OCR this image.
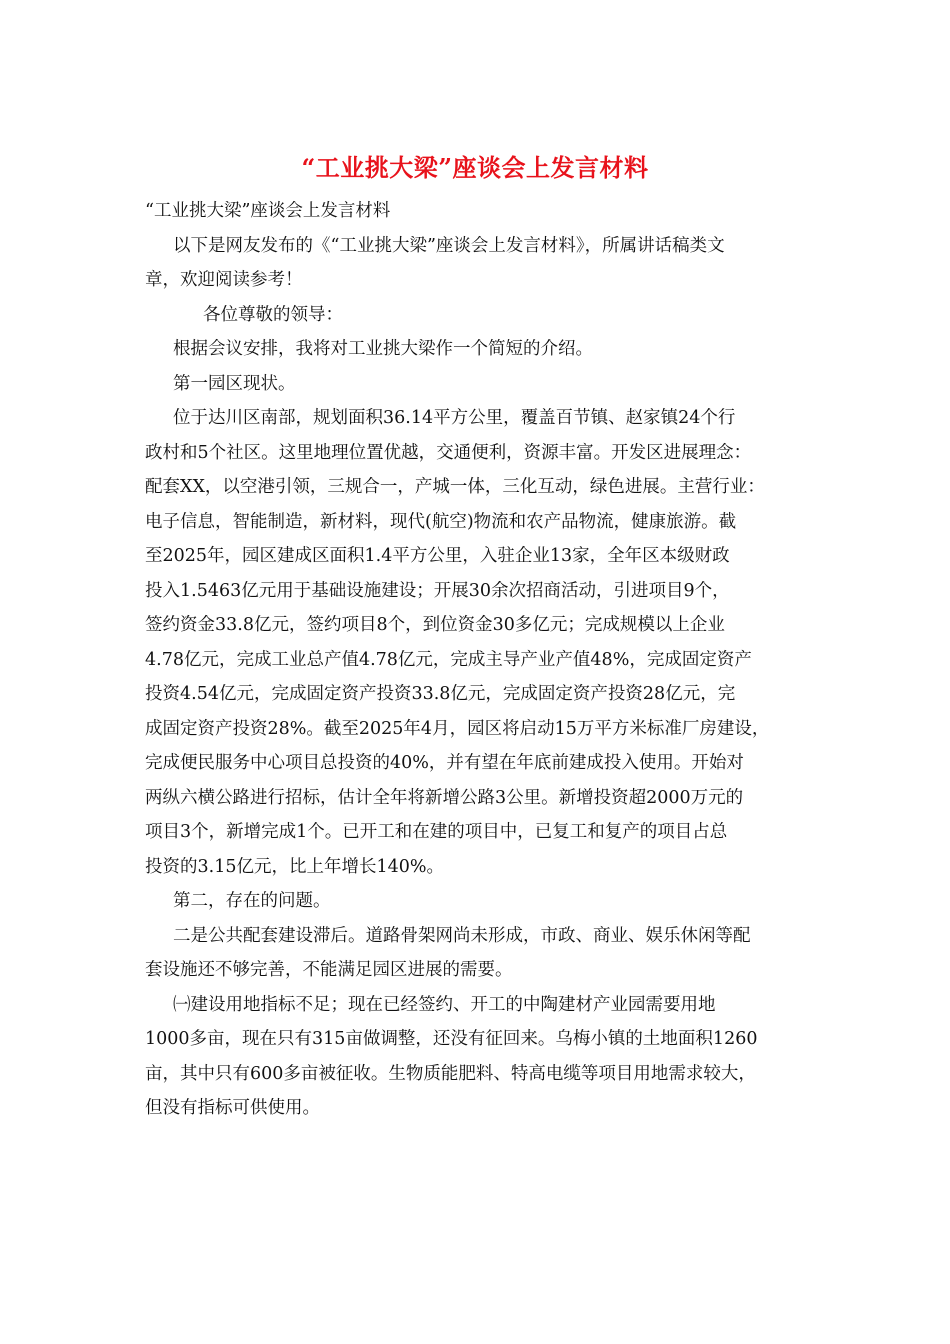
“工业挑大梁”座谈会上发言材料

“工业挑大梁”座谈会上发言材料

以下是网友发布的《“工业挑大梁”座谈会上发言材料》，所属讲话稿类文

章，欢迎阅读参考！

各位尊敬的领导：

根据会议安排，我将对工业挑大梁作一个简短的介绍。

第一园区现状。

位于达川区南部，规划面积36.14平方公里，覆盖百节镇、赵家镇24个行

政村和5个社区。这里地理位置优越，交通便利，资源丰富。开发区进展理念：

配套XX，以空港引领，三规合一，产城一体，三化互动，绿色进展。主营行业：

电子信息，智能制造，新材料，现代(航空)物流和农产品物流，健康旅游。截

至2025年，园区建成区面积1.4平方公里，入驻企业13家，全年区本级财政

投入1.5463亿元用于基础设施建设；开展30余次招商活动，引进项目9个，

签约资金33.8亿元，签约项目8个，到位资金30多亿元；完成规模以上企业

4.78亿元，完成工业总产值4.78亿元，完成主导产业产值48%，完成固定资产

投资4.54亿元，完成固定资产投资33.8亿元，完成固定资产投资28亿元，完

成固定资产投资28%。截至2025年4月，园区将启动15万平方米标准厂房建设，

完成便民服务中心项目总投资的40%，并有望在年底前建成投入使用。开始对

两纵六横公路进行招标，估计全年将新增公路3公里。新增投资超2000万元的

项目3个，新增完成1个。已开工和在建的项目中，已复工和复产的项目占总

投资的3.15亿元，比上年增长140%。

第二，存在的问题。

二是公共配套建设滞后。道路骨架网尚未形成，市政、商业、娱乐休闲等配

套设施还不够完善，不能满足园区进展的需要。

㈠建设用地指标不足；现在已经签约、开工的中陶建材产业园需要用地

1000多亩，现在只有315亩做调整，还没有征回来。乌梅小镇的土地面积1260

亩，其中只有600多亩被征收。生物质能肥料、特高电缆等项目用地需求较大，

但没有指标可供使用。
